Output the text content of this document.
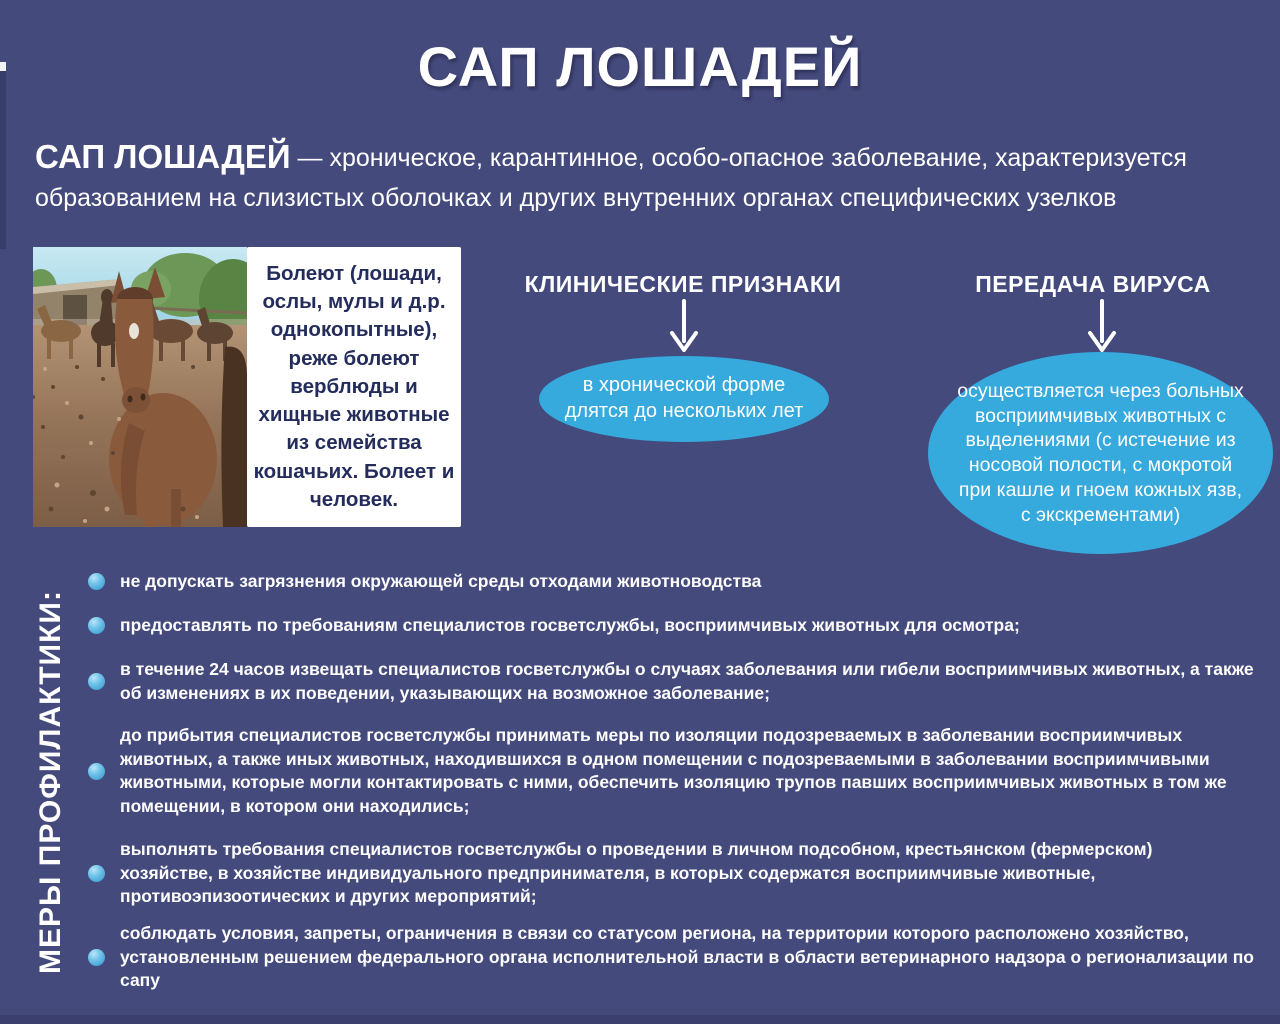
САП ЛОШАДЕЙ
САП ЛОШАДЕЙ — хроническое, карантинное, особо-опасное заболевание, характеризуется
образованием на слизистых оболочках и других внутренних органах специфических узелков
Болеют (лошади, ослы, мулы и д.р. однокопытные), реже болеют верблюды и хищные животные из семейства кошачьих. Болеет и человек.
КЛИНИЧЕСКИЕ ПРИЗНАКИ
в хронической форме длятся до нескольких лет
ПЕРЕДАЧА ВИРУСА
осуществляется через больных восприимчивых животных с выделениями (с истечение из носовой полости, с мокротой при кашле и гноем кожных язв, с экскрементами)
МЕРЫ ПРОФИЛАКТИКИ:
не допускать загрязнения окружающей среды отходами животноводства
предоставлять по требованиям специалистов госветслужбы, восприимчивых животных для осмотра;
в течение 24 часов извещать специалистов госветслужбы о случаях заболевания или гибели восприимчивых животных, а также об изменениях в их поведении, указывающих на возможное заболевание;
до прибытия специалистов госветслужбы принимать меры по изоляции подозреваемых в заболевании восприимчивых животных, а также иных животных, находившихся в одном помещении с подозреваемыми в заболевании восприимчивыми животными, которые могли контактировать с ними, обеспечить изоляцию трупов павших восприимчивых животных в том же помещении, в котором они находились;
выполнять требования специалистов госветслужбы о проведении в личном подсобном, крестьянском (фермерском) хозяйстве, в хозяйстве индивидуального предпринимателя, в которых содержатся восприимчивые животные, противоэпизоотических и других мероприятий;
соблюдать условия, запреты, ограничения в связи со статусом региона, на территории которого расположено хозяйство, установленным решением федерального органа исполнительной власти в области ветеринарного надзора о регионализации по сапу
